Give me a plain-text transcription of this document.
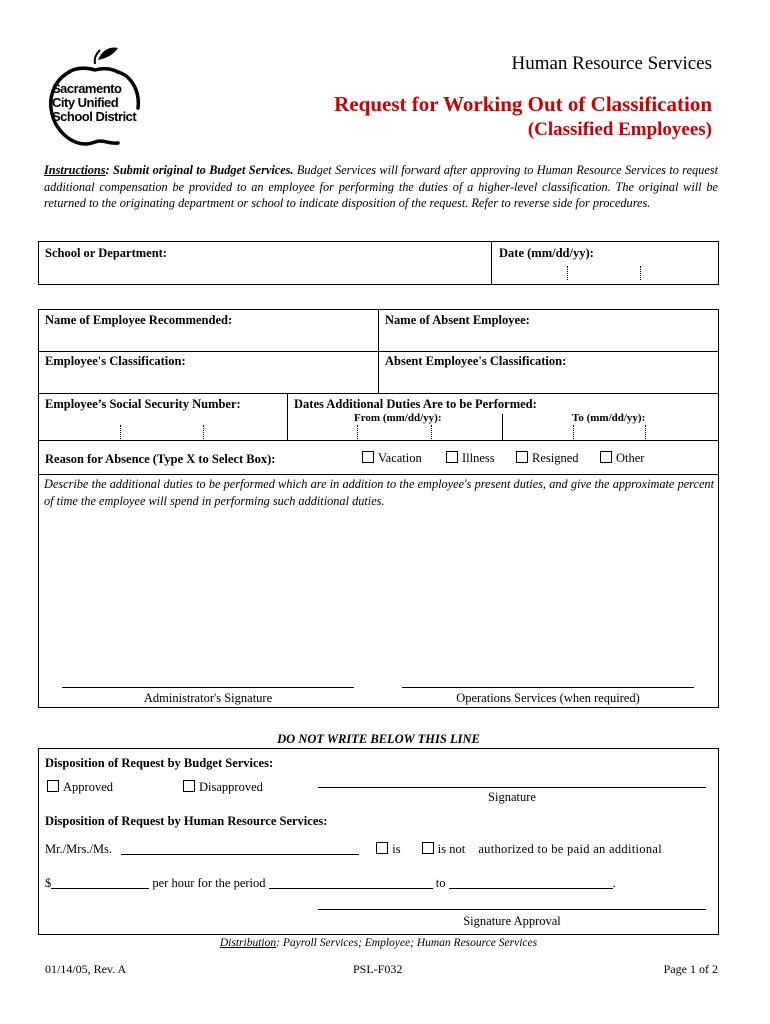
Sacramento
City Unified
School District
Human Resource Services
Request for Working Out of Classification
(Classified Employees)
Instructions: Submit original to Budget Services. Budget Services will forward after approving to Human Resource Services to request additional compensation be provided to an employee for performing the duties of a higher-level classification. The original will be returned to the originating department or school to indicate disposition of the request. Refer to reverse side for procedures.
School or Department:	Date (mm/dd/yy):
Name of Employee Recommended:	Name of Absent Employee:
Employee's Classification:	Absent Employee's Classification:
Employee’s Social Security Number:	Dates Additional Duties Are to be Performed:
From (mm/dd/yy):	To (mm/dd/yy):
Reason for Absence (Type X to Select Box):	Vacation	Illness	Resigned	Other
Describe the additional duties to be performed which are in addition to the employee's present duties, and give the approximate percent of time the employee will spend in performing such additional duties.
Administrator's Signature	Operations Services (when required)
DO NOT WRITE BELOW THIS LINE
Disposition of Request by Budget Services:
Approved	Disapproved
Signature
Disposition of Request by Human Resource Services:
Mr./Mrs./Ms.	is	is not authorized to be paid an additional
$	per hour for the period	to	.
Signature Approval
Distribution: Payroll Services; Employee; Human Resource Services
01/14/05, Rev. A	PSL-F032	Page 1 of 2
